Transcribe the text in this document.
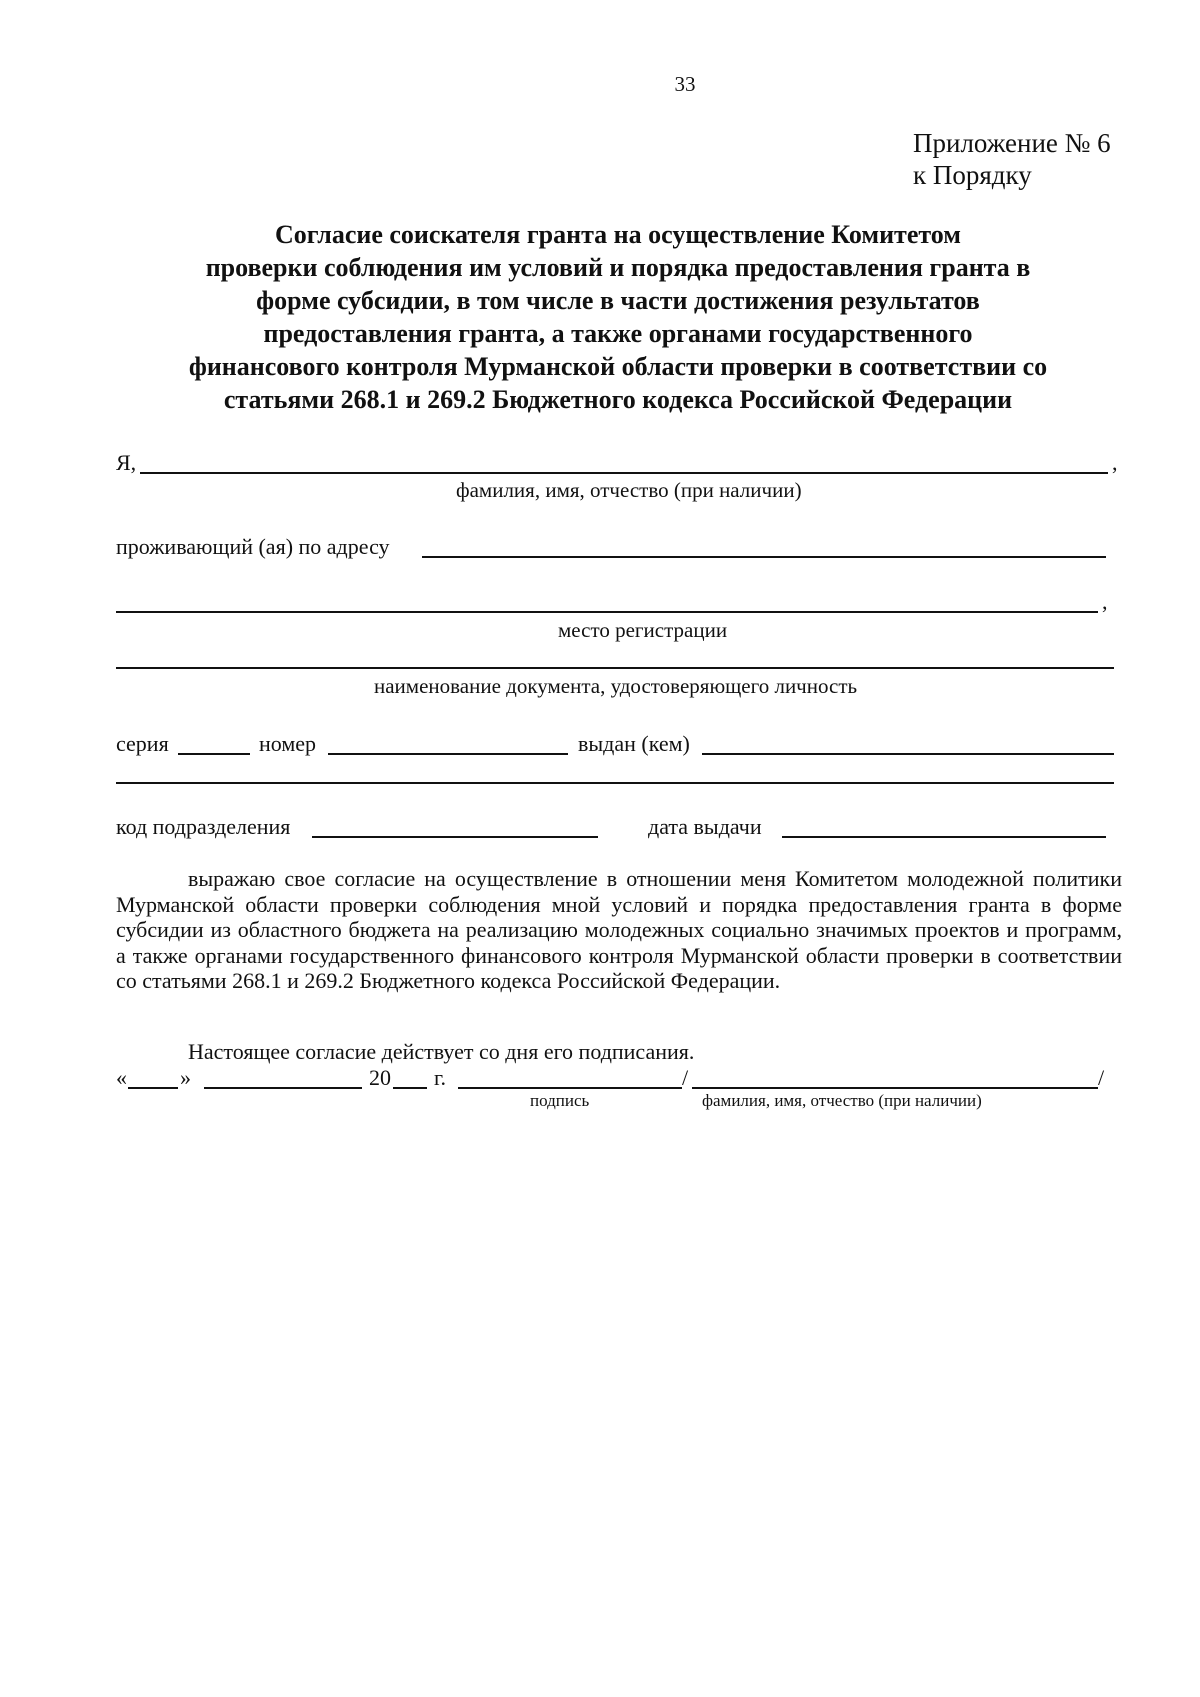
33
Приложение № 6
к Порядку
Согласие соискателя гранта на осуществление Комитетом
проверки соблюдения им условий и порядка предоставления гранта в
форме субсидии, в том числе в части достижения результатов
предоставления гранта, а также органами государственного
финансового контроля Мурманской области проверки в соответствии со
статьями 268.1 и 269.2 Бюджетного кодекса Российской Федерации
Я,	,
фамилия, имя, отчество (при наличии)
проживающий (ая) по адресу
,
место регистрации
наименование документа, удостоверяющего личность
серия	номер	выдан (кем)
код подразделения	дата выдачи
выражаю свое согласие на осуществление в отношении меня Комитетом молодежной политики Мурманской области проверки соблюдения мной условий и порядка предоставления гранта в форме субсидии из областного бюджета на реализацию молодежных социально значимых проектов и программ, а также органами государственного финансового контроля Мурманской области проверки в соответствии со статьями 268.1 и 269.2 Бюджетного кодекса Российской Федерации.
Настоящее согласие действует со дня его подписания.
« »	20 г.	/	/
подпись	фамилия, имя, отчество (при наличии)
